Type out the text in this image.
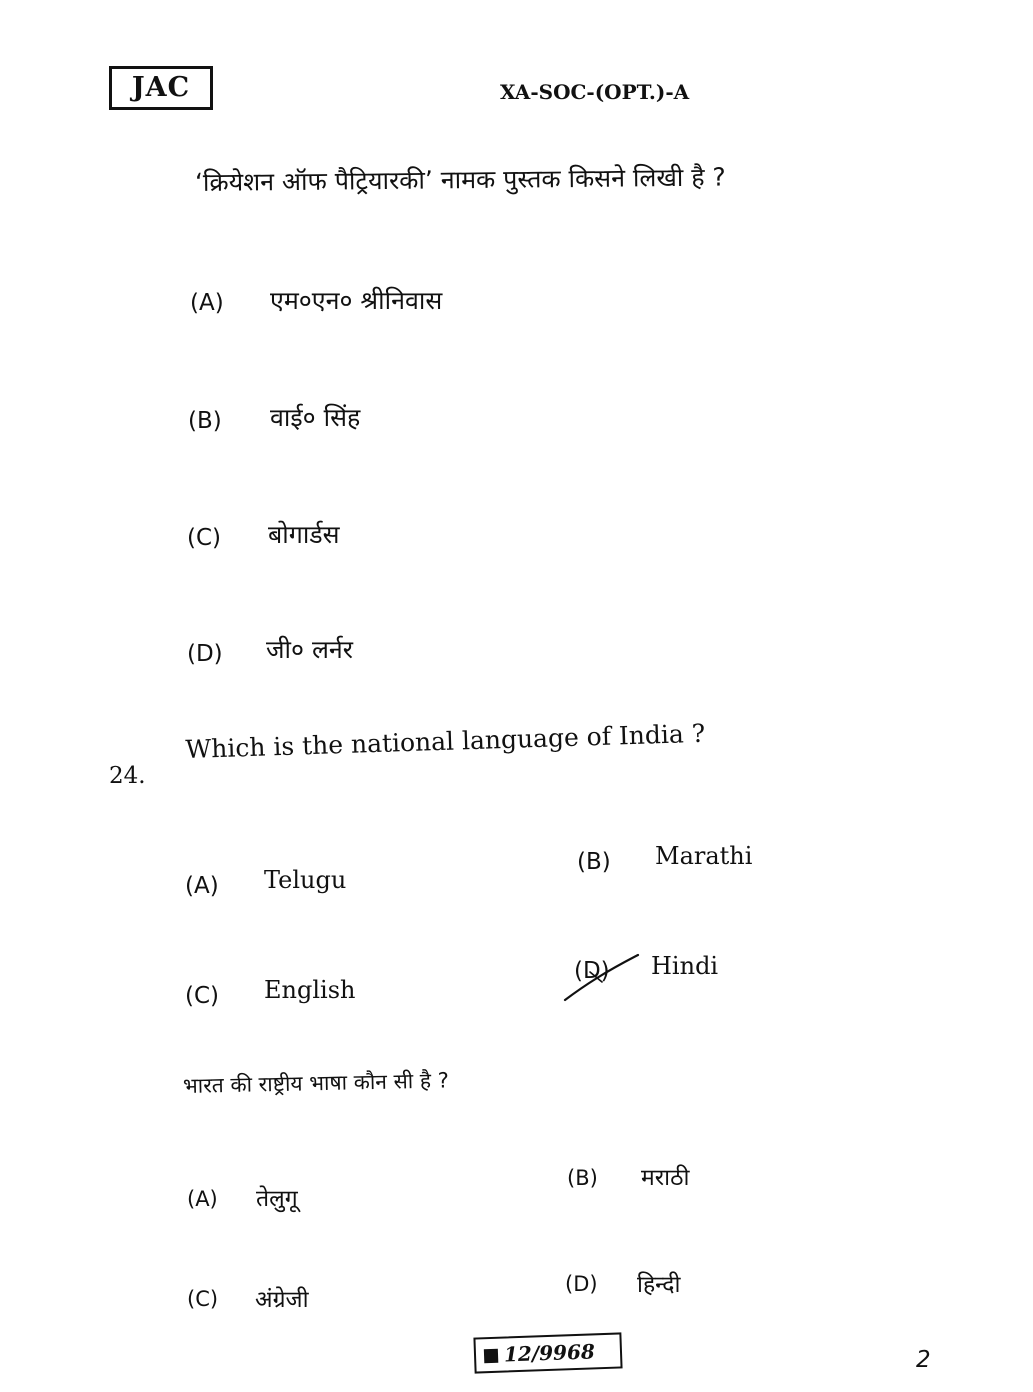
JAC	XA-SOC-(OPT.)-A
‘क्रियेशन ऑफ पैट्रियारकी’ नामक पुस्तक किसने लिखी है ?
(A) एम०एन० श्रीनिवास
(B) वाई० सिंह
(C) बोगार्डस
(D) जी० लर्नर
24.
Which is the national language of India ?
(A) Telugu
(B) Marathi
(C) English
(D) Hindi
भारत की राष्ट्रीय भाषा कौन सी है ?
(A) तेलुगू
(B) मराठी
(C) अंग्रेजी
(D) हिन्दी
12/9968	2
